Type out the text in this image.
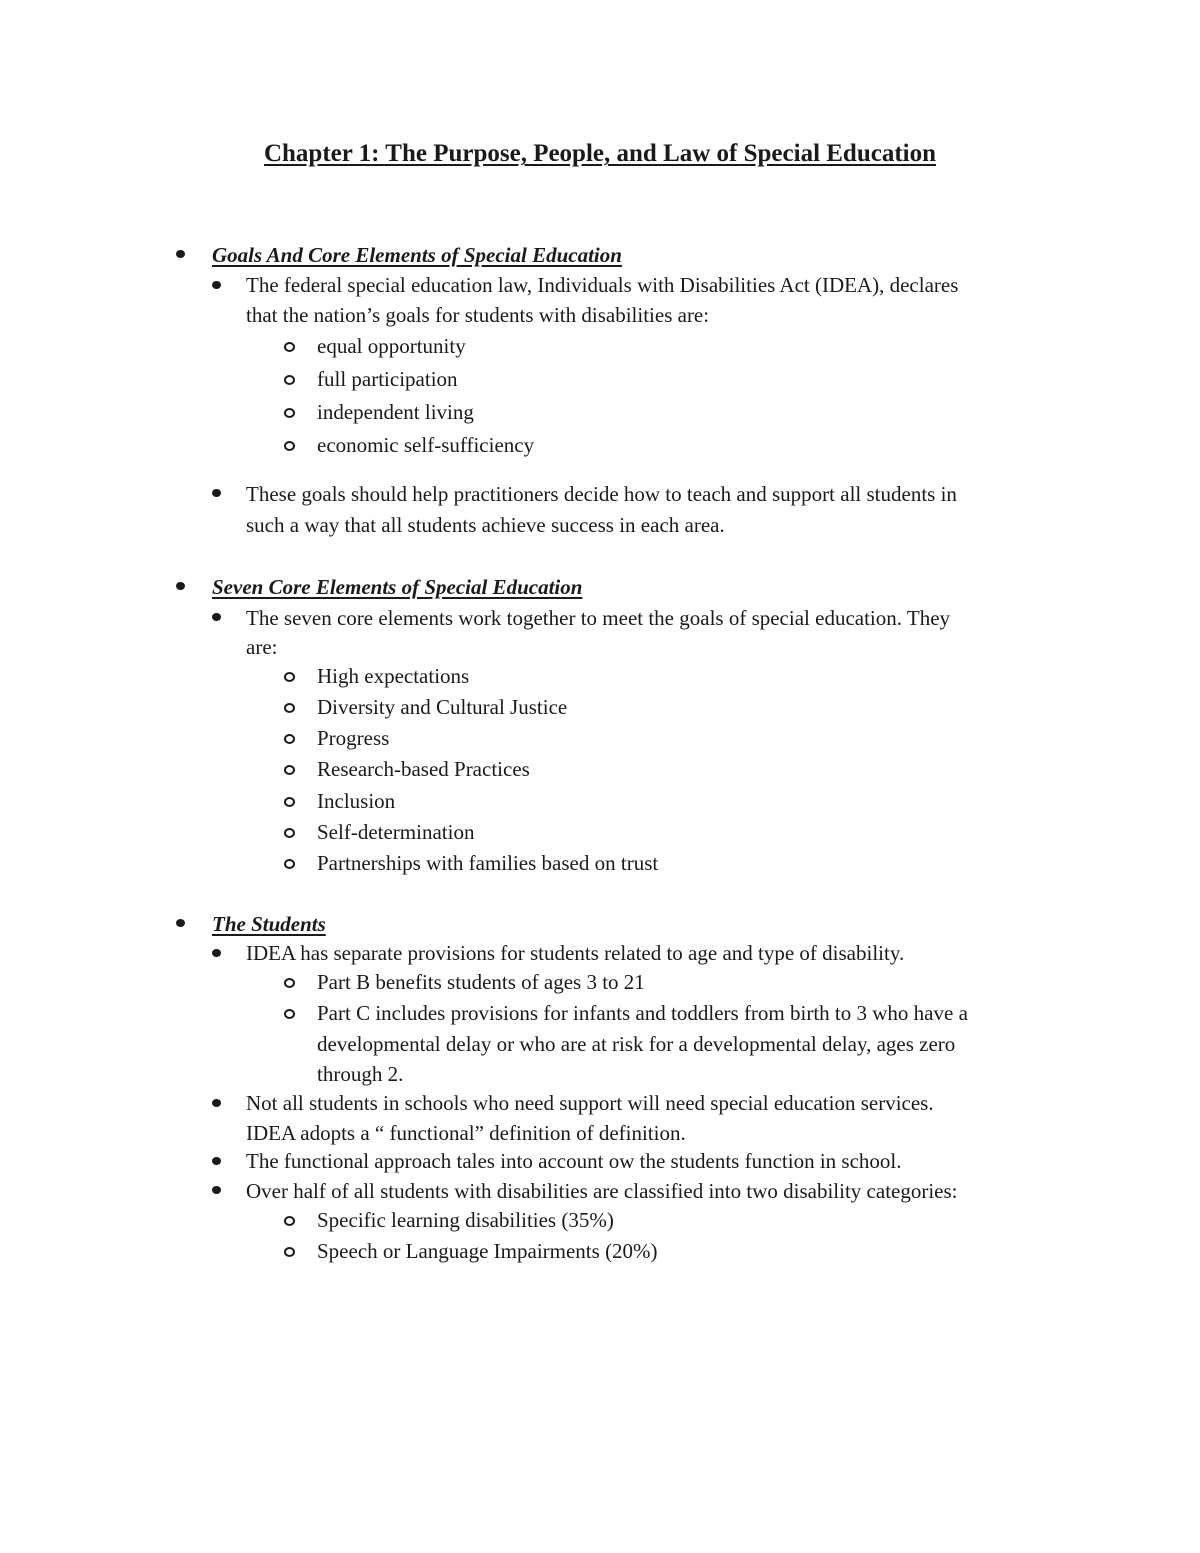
Chapter 1: The Purpose, People, and Law of Special Education
Goals And Core Elements of Special Education
The federal special education law, Individuals with Disabilities Act (IDEA), declares
that the nation’s goals for students with disabilities are:
equal opportunity
full participation
independent living
economic self-sufficiency
These goals should help practitioners decide how to teach and support all students in
such a way that all students achieve success in each area.
Seven Core Elements of Special Education
The seven core elements work together to meet the goals of special education. They
are:
High expectations
Diversity and Cultural Justice
Progress
Research-based Practices
Inclusion
Self-determination
Partnerships with families based on trust
The Students
IDEA has separate provisions for students related to age and type of disability.
Part B benefits students of ages 3 to 21
Part C includes provisions for infants and toddlers from birth to 3 who have a
developmental delay or who are at risk for a developmental delay, ages zero
through 2.
Not all students in schools who need support will need special education services.
IDEA adopts a “ functional” definition of definition.
The functional approach tales into account ow the students function in school.
Over half of all students with disabilities are classified into two disability categories:
Specific learning disabilities (35%)
Speech or Language Impairments (20%)
